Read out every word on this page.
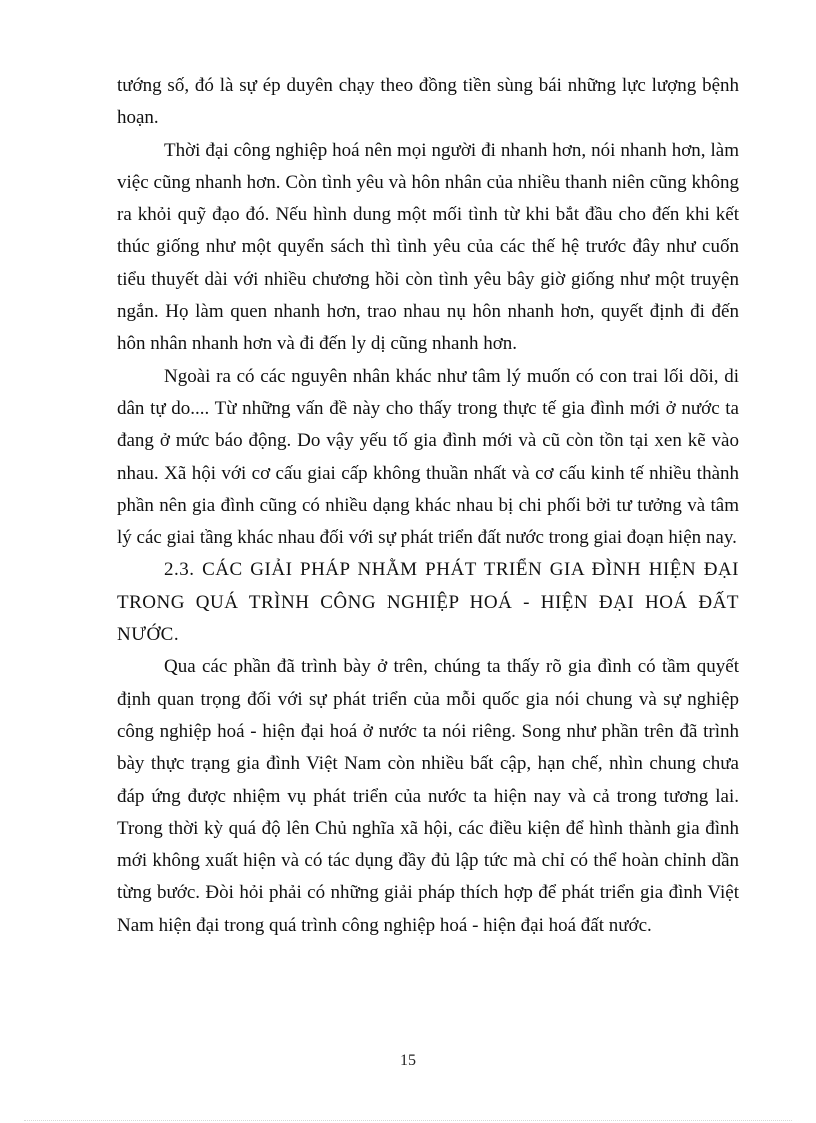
tướng số, đó là sự ép duyên chạy theo đồng tiền sùng bái những lực lượng bệnh hoạn.

Thời đại công nghiệp hoá nên mọi người đi nhanh hơn, nói nhanh hơn, làm việc cũng nhanh hơn. Còn tình yêu và hôn nhân của nhiều thanh niên cũng không ra khỏi quỹ đạo đó. Nếu hình dung một mối tình từ khi bắt đầu cho đến khi kết thúc giống như một quyển sách thì tình yêu của các thế hệ trước đây như cuốn tiểu thuyết dài với nhiều chương hồi còn tình yêu bây giờ giống như một truyện ngắn. Họ làm quen nhanh hơn, trao nhau nụ hôn nhanh hơn, quyết định đi đến hôn nhân nhanh hơn và đi đến ly dị cũng nhanh hơn.

Ngoài ra có các nguyên nhân khác như tâm lý muốn có con trai lối dõi, di dân tự do.... Từ những vấn đề này cho thấy trong thực tế gia đình mới ở nước ta đang ở mức báo động. Do vậy yếu tố gia đình mới và cũ còn tồn tại xen kẽ vào nhau. Xã hội với cơ cấu giai cấp không thuần nhất và cơ cấu kinh tế nhiều thành phần nên gia đình cũng có nhiều dạng khác nhau bị chi phối bởi tư tưởng và tâm lý các giai tầng khác nhau đối với sự phát triển đất nước trong giai đoạn hiện nay.

2.3. CÁC GIẢI PHÁP NHẰM PHÁT TRIỂN GIA ĐÌNH HIỆN ĐẠI TRONG QUÁ TRÌNH CÔNG NGHIỆP HOÁ - HIỆN ĐẠI HOÁ ĐẤT NƯỚC.

Qua các phần đã trình bày ở trên, chúng ta thấy rõ gia đình có tầm quyết định quan trọng đối với sự phát triển của mỗi quốc gia nói chung và sự nghiệp công nghiệp hoá - hiện đại hoá ở nước ta nói riêng. Song như phần trên đã trình bày thực trạng gia đình Việt Nam còn nhiều bất cập, hạn chế, nhìn chung chưa đáp ứng được nhiệm vụ phát triển của nước ta hiện nay và cả trong tương lai. Trong thời kỳ quá độ lên Chủ nghĩa xã hội, các điều kiện để hình thành gia đình mới không xuất hiện và có tác dụng đầy đủ lập tức mà chỉ có thể hoàn chỉnh dần từng bước. Đòi hỏi phải có những giải pháp thích hợp để phát triển gia đình Việt Nam hiện đại trong quá trình công nghiệp hoá - hiện đại hoá đất nước.

15
